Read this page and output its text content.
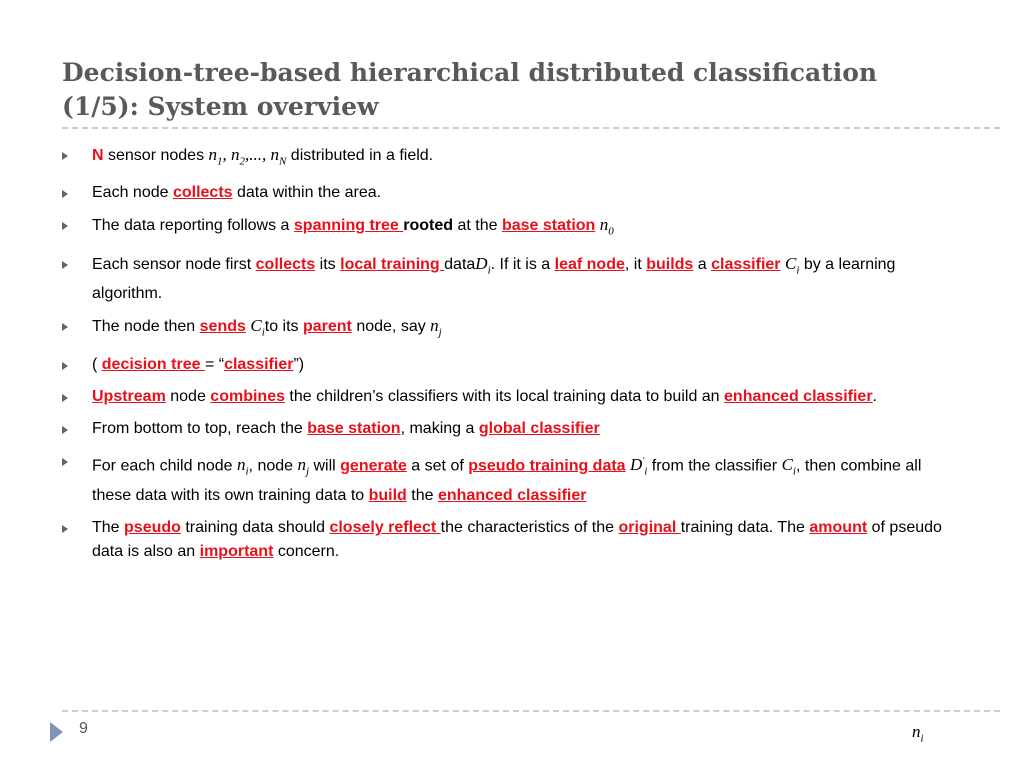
Decision-tree-based hierarchical distributed classification
(1/5): System overview
N sensor nodes $n_1$, $n_2$,..., $n_N$ distributed in a field.
Each node collects data within the area.
The data reporting follows a spanning tree rooted at the base station $n_0$
Each sensor node first collects its local training dataD$_i$. If it is a leaf node, it builds a classifier $C_i$ by a learning algorithm.
The node then sends $C_ito$ its parent node, say $n_j$
( decision tree = “classifier”)
Upstream node combines the children’s classifiers with its local training data to build an enhanced classifier.
From bottom to top, reach the base station, making a global classifier
For each child node $n_i$, node $n_j$ will generate a set of pseudo training data $D'_i$ from the classifier $C_i$, then combine all these data with its own training data to build the enhanced classifier
The pseudo training data should closely reflect the characteristics of the original training data. The amount of pseudo data is also an important concern.
9	$n_i$
